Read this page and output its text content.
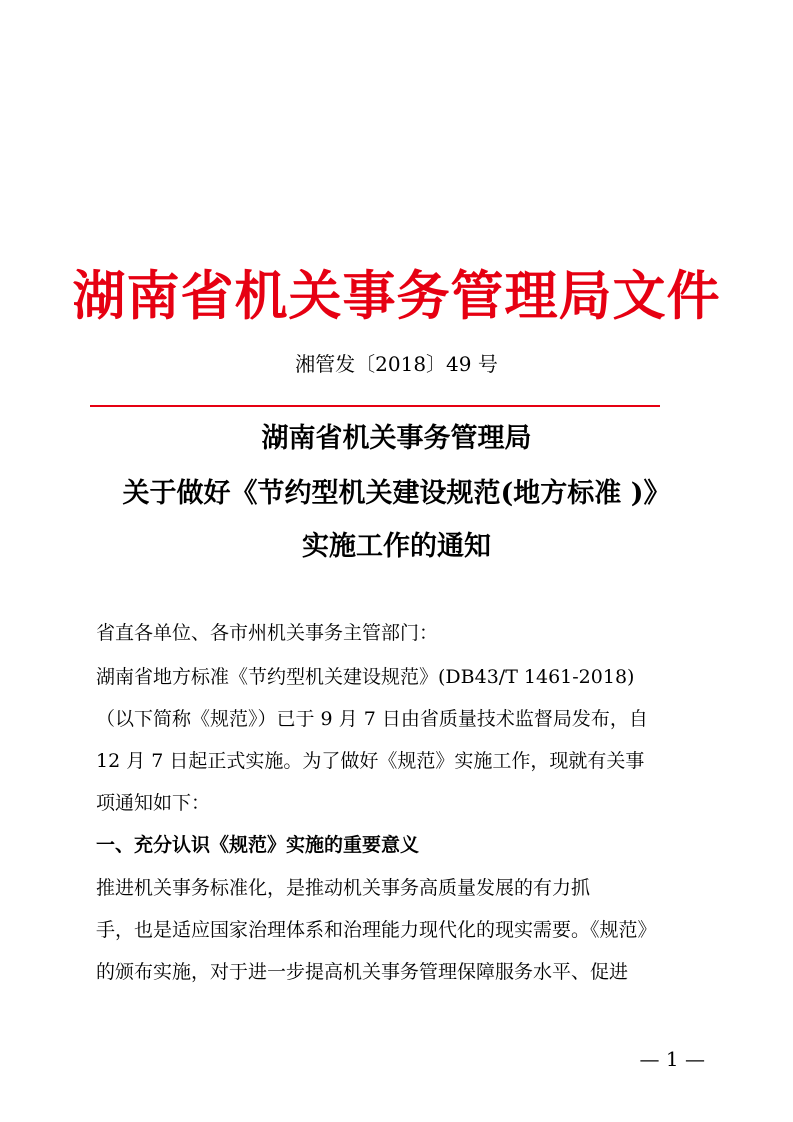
湖南省机关事务管理局文件
湘管发〔2018〕49 号
湖南省机关事务管理局
关于做好《节约型机关建设规范(地方标准 )》
实施工作的通知
省直各单位、各市州机关事务主管部门：
湖南省地方标准《节约型机关建设规范》(DB43/T 1461-2018)
（以下简称《规范》）已于 9 月 7 日由省质量技术监督局发布，自
12 月 7 日起正式实施。为了做好《规范》实施工作，现就有关事
项通知如下：
一、充分认识《规范》实施的重要意义
推进机关事务标准化，是推动机关事务高质量发展的有力抓
手，也是适应国家治理体系和治理能力现代化的现实需要。《规范》
的颁布实施，对于进一步提高机关事务管理保障服务水平、促进
— 1 —
